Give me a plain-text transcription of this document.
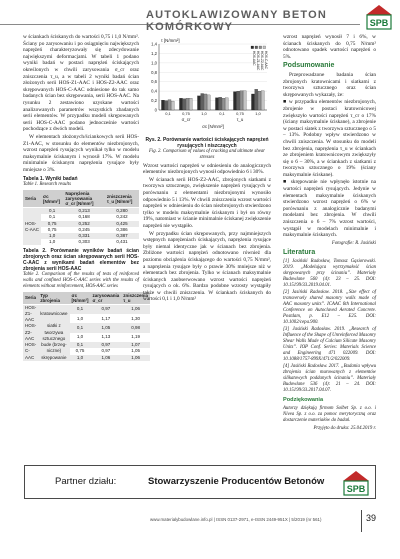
AUTOKLAWIZOWANY BETON KOMÓRKOWY	SPB

w ściankach ściskanych do wartości 0,75 i 1,0 N/mm². Ściany po zarysowaniu i po osiągnięciu największych naprężeń charakteryzowały się zdecydowanie największymi deformacjami. W tabeli 1 podano wyniki badań w postaci naprężeń ściskających określonych w chwili zarysowania σ_cr oraz zniszczenia τ_u, a w tabeli 2 wyniki badań ścian złożonych serii HOS-Z1-AAC i HOS-Z2-AAC oraz skrępowanych HOS-C-AAC odniesione do tak samo badanych ścian bez skrępowania, serii HOS-AAC. Na rysunku 2 zestawiono uzyskane wartości analizowanych parametrów wszystkich zbadanych serii elementów. W przypadku modeli skrępowanych serii HOS-C-AAC podano jednocześnie wartości pochodzące z dwóch modeli.

W elementach złożonych/ściankowych serii HOS-Z1-AAC, w stosunku do elementów niezbrojonych, wzrost naprężeń rysujących wynikał tylko w modelu maksymalnie ściskanym i wynosił 17%. W modelu minimalnie ściskanym naprężenia rysujące były mniejsze o 3%.

Tabela 1. Wyniki badań
Table 1. Research results
Seria	σc [N/mm²]	Naprężenia zarysowania σ_cr [N/mm²]	zniszczenia τ_u [N/mm²]
HOS-C-AAC	0,1	0,213	0,280
	0,1	0,168	0,242
	0,75	0,252	0,425
	0,75	0,245	0,386
	1,0	0,331	0,387
	1,0	0,303	0,431
Tabela 2. Porównanie wyników badań ścian zbrojonych oraz ścian skrępowanych serii HOS-C-AAC z wynikami badań elementów bez zbrojenia serii HOS-AAC
Table 2. Comparison of the results of tests of reinforced walls and confined HOS-C-AAC series with the results of elements without reinforcement, HOS-AAC series
Seria	Typ zbrojenia	σc [N/mm²]	zarysowania σ_cr	zniszczenia τ_u
HOS-Z1-AAC	kratownicowe	0,1	0,97	1,06
		1,0	1,17	1,30
HOS-Z2-AAC	siatki z tworzywa sztucznego	0,1	1,05	0,98
		1,0	1,13	1,19
HOS-C-AAC	bude (brzeg-niczne) skrępowanie	0,1	0,97	1,07
		0,75	0,97	1,05
		1,0	1,06	1,06
0
0,2
0,4
0,6
0,8
1,0
1,2
1,4
τ [N/mm²]
0,1	0,75	1,0	0,1	0,75	1,0
σ_cr	τ_u
σc [N/mm²]
HOS-AAC HOS-Z1-AAC HOS-Z2-AAC HOS-C-AAC
Rys. 2. Porównanie wartości ściskających naprężeń rysujących i niszczących
Fig. 2. Comparison of values of cracking and ultimate shear stresses

Wzrost wartości naprężeń w odniesieniu do analogicznych elementów niezbrojonych wynosił odpowiednio 6 i 30%.

W ścianach serii HOS-Z2-AAC, zbrojonych siatkami z tworzywa sztucznego, zwiększenie naprężeń rysujących w porównaniu z elementami niezbrojonymi wynosiło odpowiednio 5 i 13%. W chwili zniszczenia wzrost wartości naprężeń w odniesieniu do ścian niezbrojonych stwierdzono tylko w modelu maksymalnie ściskanym i był on równy 19%, natomiast w ścianie minimalnie ściskanej zwiększenie naprężeń nie wystąpiło.

W przypadku ścian skrępowanych, przy najmniejszych wstępnych naprężeniach ściskających, naprężenia rysujące były niemal identyczne jak w ścianach bez zbrojenia. Zbliżone wartości naprężeń odnotowano również dla poziomu obciążenia ściskającego do wartości 0,75 N/mm², a naprężenia rysujące były o prawie 30% mniejsze niż w elementach bez zbrojenia. Tylko w ścianach maksymalnie ściskanych zaobserwowano wzrost wartości naprężeń rysujących o ok. 6%. Bardzo podobne wzrosty wystąpiły także w chwili zniszczenia. W ściankach ściskanych do wartości 0,1 i 1,0 N/mm²

wzrost naprężeń wynosił 7 i 6%, w ścianach ściskanych do 0,75 N/mm² odnotowano spadek wartości naprężeń o 5%.

Podsumowanie

Przeprowadzone badania ścian zbrojonych kratownicami i siatkami z tworzywa sztucznego oraz ścian skrępowanych wykazały, że:

■ w przypadku elementów niezbrojonych, zbrojenie w postaci kratownicowej zwiększyło wartości naprężeń τ_cr o 17% (ściany maksymalnie ściskane), a zbrojenie w postaci siatek z tworzywa sztucznego o 5 – 13%. Podobny wpływ stwierdzono w chwili zniszczenia. W stosunku do modeli bez zbrojenia, naprężenia τ_u w ściankach ze zbrojeniem kratownicowym zwiększyły się o 6 – 30%, a w ściankach z siatkami z tworzywa sztucznego o 19% (ściany maksymalnie ściskane).

■ skrępowanie nie wpłynęło istotnie na wartości naprężeń rysujących. Jedynie w elementach maksymalnie ściskanych stwierdzono wzrost naprężeń o 6% w porównaniu z analogicznie badanymi modelami bez zbrojenia. W chwili zniszczenia o 6 – 7% wzrost wartości, wystąpił w modelach minimalnie i maksymalnie ściskanych.

Fotografie: R. Jasiński
Literatura

[1] Jasiński Radosław, Tomasz Gąsiorowski. 2019. „Modelująca wytrzymałość ścian skrępowanych przy ścinaniu”. Materiały Budowlane 560 (4): 23 – 25. DOI: 10.15199/33.2019.04.01.

[2] Jasiński Radosław. 2018. „Size effect of transversely shared masonry walls made of AAC masonry units”. ICAAC 6th International Conference on Autoclaved Aerated Concrete. Postdam, p. E12 – E25. DOI: 10.1002/cepa.900.

[3] Jasiński Radosław. 2019. „Research of Influence of the Shape of Unreinforced Masonry Shear Walls Made of Calcium Silicate Masonry Units”. IOP Conf. Series: Materials Science and Engineering 471 022009. DOI: 10.1088/1757-899X/471/2/022009.

[4] Jasiński Radosław. 2017. „Badania wpływu zbrojenia ścian murowanych z elementów silikatowych poddanych ścinaniu”. Materiały Budowlane 536 (4): 21 – 24. DOI: 10.15199/33.2017.04.07.

Podziękowania

Autorzy dziękują firmom Solbet Sp. z o.o. i Nivea Sp. z o.o. za pomoc merytoryczną oraz dostarczenie materiałów do badań.

Przyjęto do druku: 25.04.2019 r.
Partner działu:	Stowarzyszenie Producentów Betonów
SPB
www.materialybudowlane.info.pl | ISSN 0137-2971, e-ISSN 2449-951X | 5/2019 (nr 561)	39
